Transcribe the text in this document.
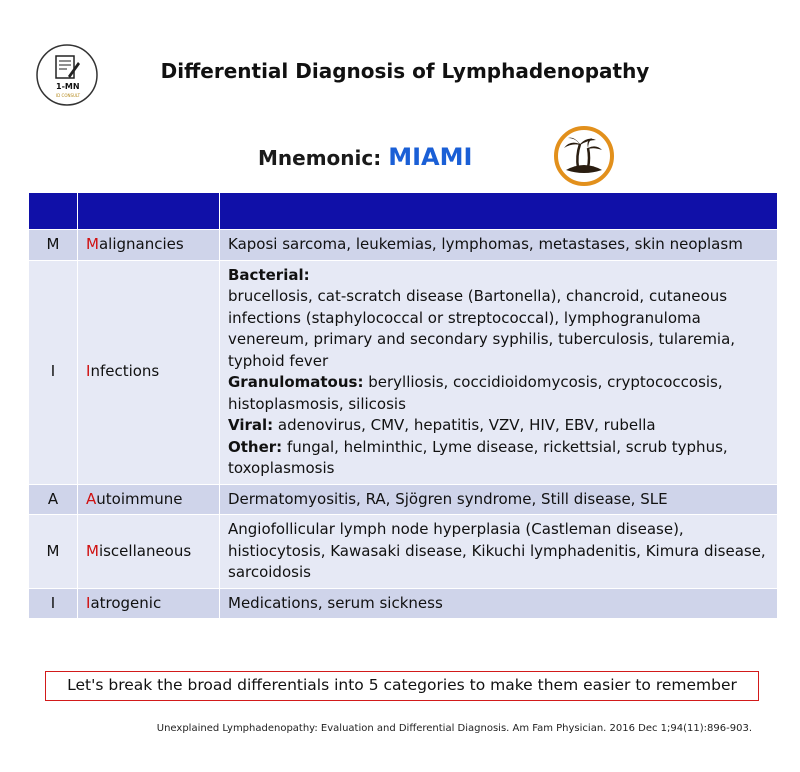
1-MN
ID CONSULT
Differential Diagnosis of Lymphadenopathy
Mnemonic: MIAMI

M	Malignancies	Kaposi sarcoma, leukemias, lymphomas, metastases, skin neoplasm
I	Infections	Bacterial:
brucellosis, cat-scratch disease (Bartonella), chancroid, cutaneous infections (staphylococcal or streptococcal), lymphogranuloma venereum, primary and secondary syphilis, tuberculosis, tularemia, typhoid fever
Granulomatous: berylliosis, coccidioidomycosis, cryptococcosis, histoplasmosis, silicosis
Viral: adenovirus, CMV, hepatitis, VZV, HIV, EBV, rubella
Other: fungal, helminthic, Lyme disease, rickettsial, scrub typhus, toxoplasmosis

A	Autoimmune	Dermatomyositis, RA, Sjögren syndrome, Still disease, SLE
M	Miscellaneous	Angiofollicular lymph node hyperplasia (Castleman disease), histiocytosis, Kawasaki disease, Kikuchi lymphadenitis, Kimura disease, sarcoidosis
I	Iatrogenic	Medications, serum sickness
Let's break the broad differentials into 5 categories to make them easier to remember
Unexplained Lymphadenopathy: Evaluation and Differential Diagnosis. Am Fam Physician. 2016 Dec 1;94(11):896-903.
